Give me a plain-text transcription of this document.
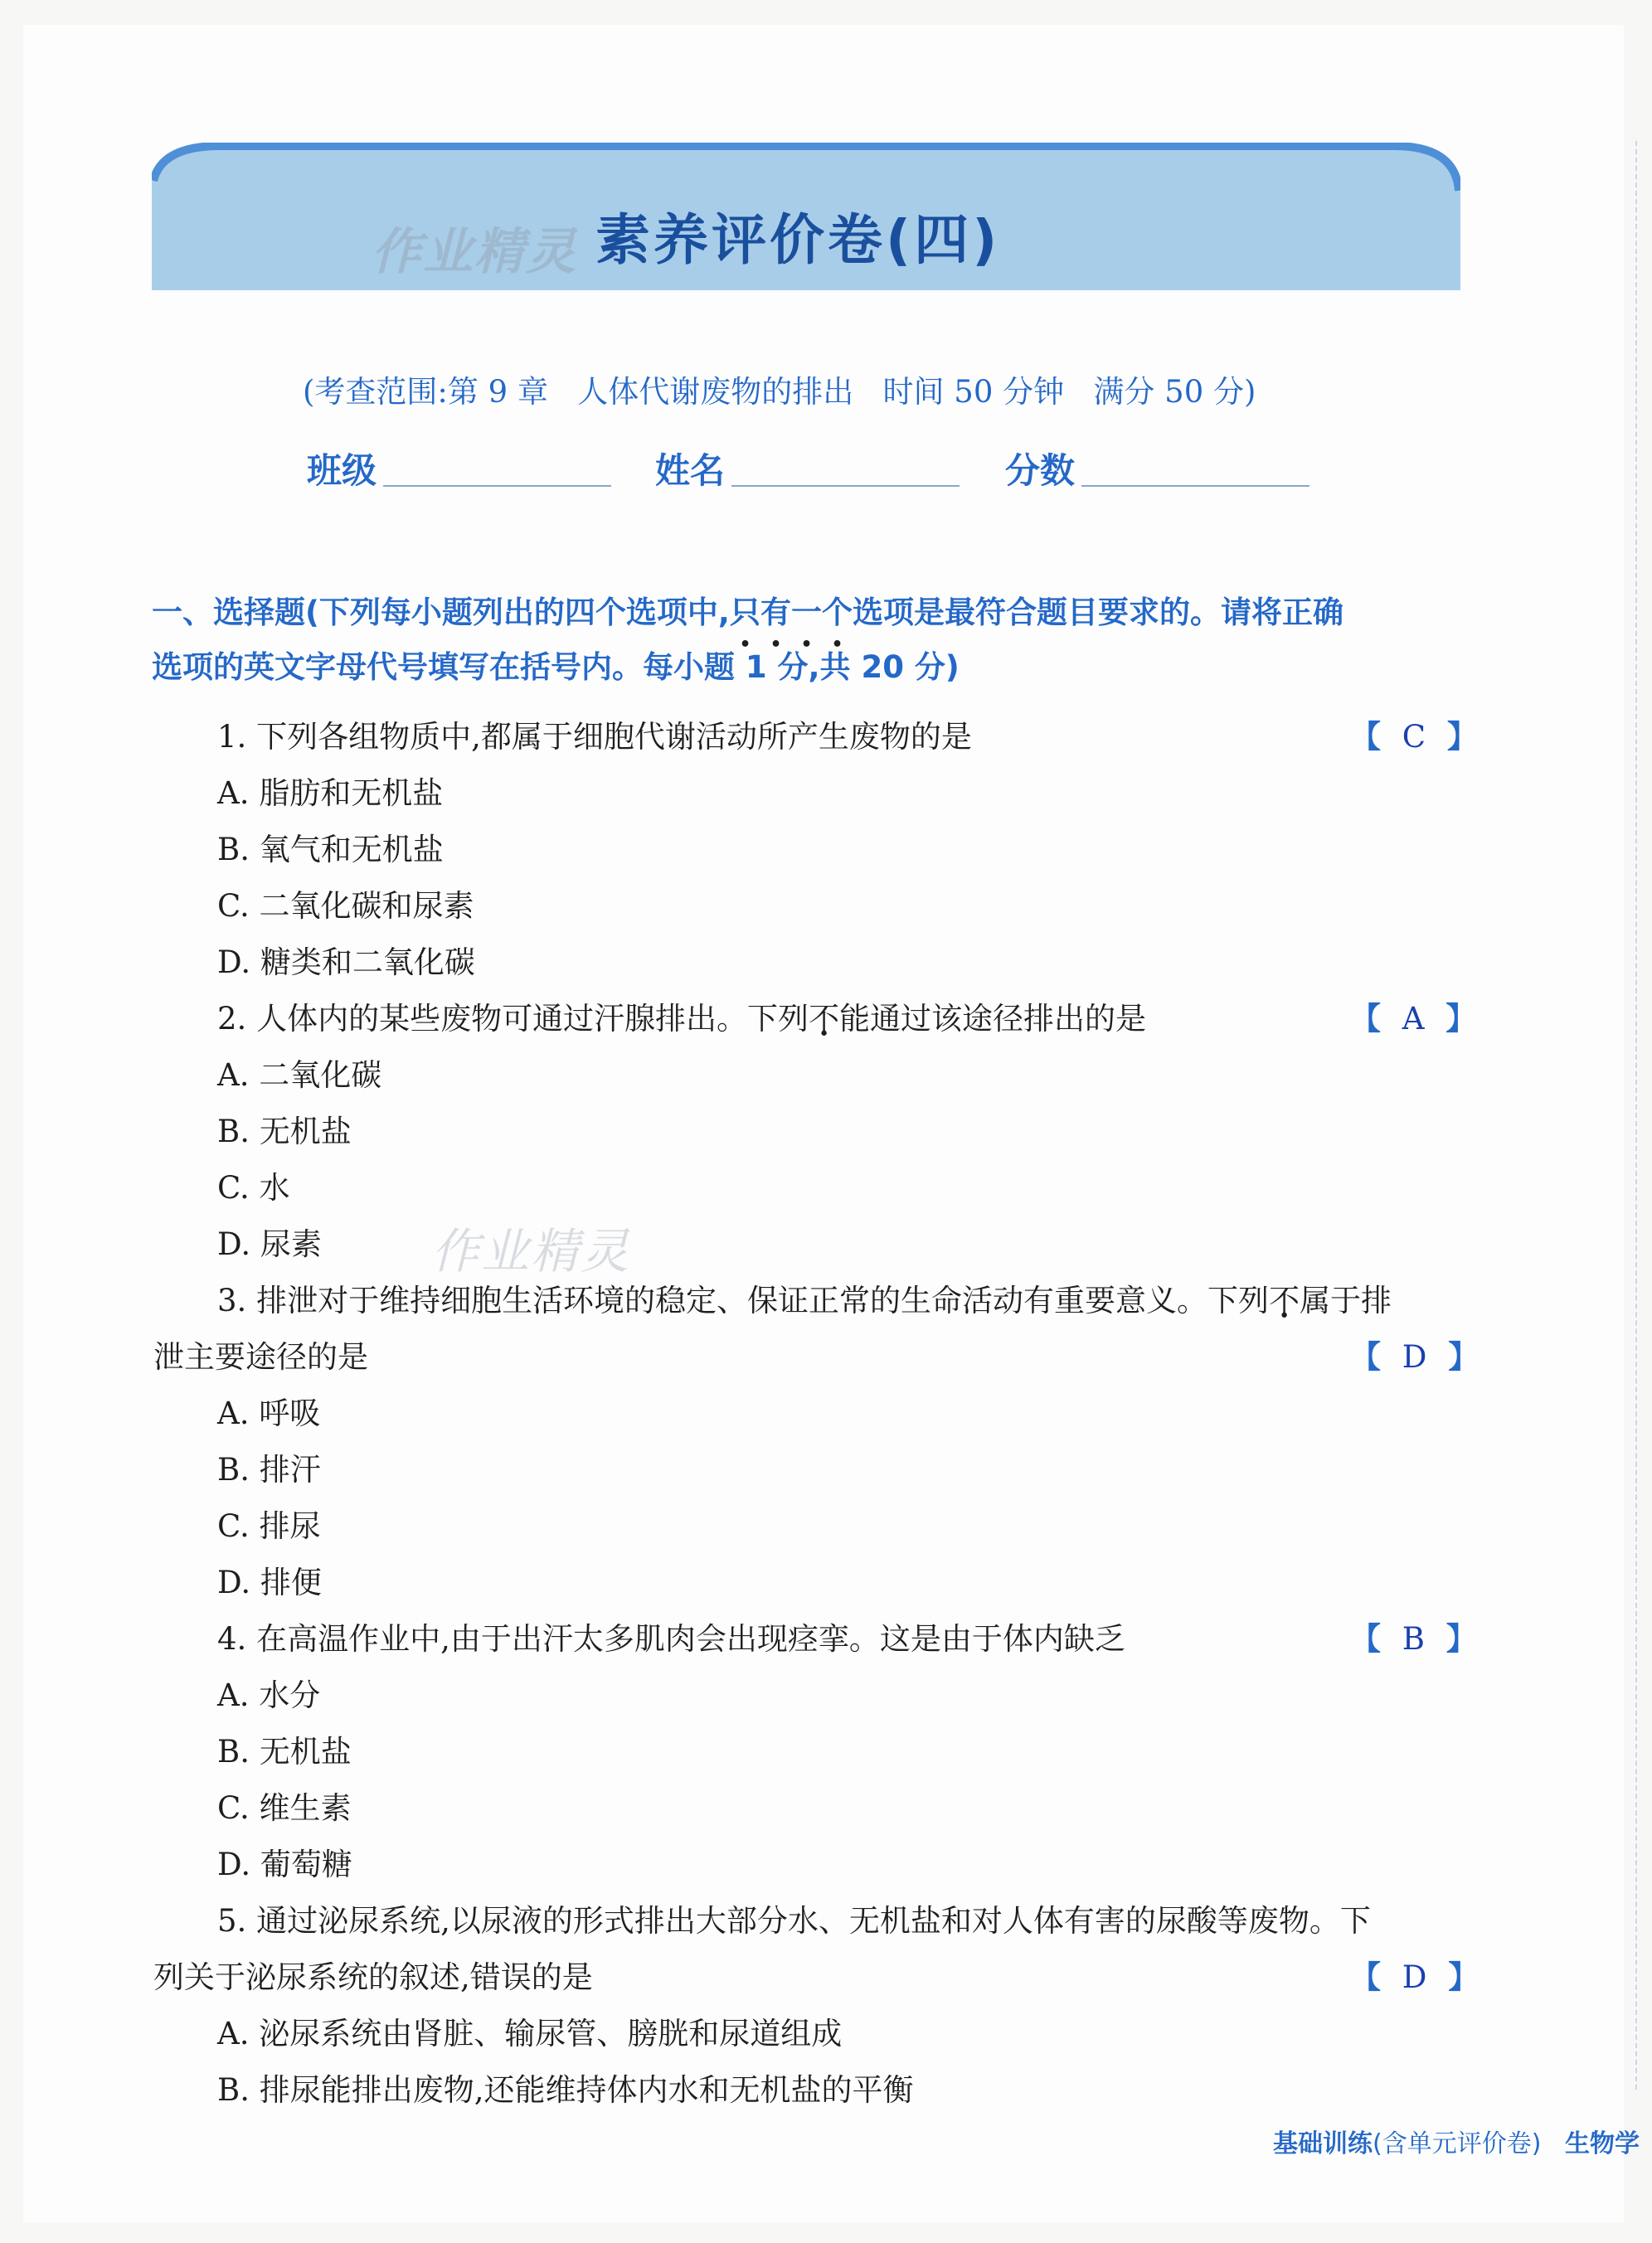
作业精灵 素养评价卷(四)
(考查范围:第 9 章   人体代谢废物的排出   时间 50 分钟   满分 50 分)
班级	姓名	分数
一、选择题(下列每小题列出的四个选项中,只有一个选项是最符合题目要求的。请将正确
选项的英文字母代号填写在括号内。每小题 1 分,共 20 分)
1. 下列各组物质中,都属于细胞代谢活动所产生废物的是	【  C  】
A. 脂肪和无机盐
B. 氧气和无机盐
C. 二氧化碳和尿素
D. 糖类和二氧化碳
2. 人体内的某些废物可通过汗腺排出。下列不能通过该途径排出的是	【  A  】
A. 二氧化碳
B. 无机盐
C. 水
D. 尿素 作业精灵
3. 排泄对于维持细胞生活环境的稳定、保证正常的生命活动有重要意义。下列不属于排
泄主要途径的是	【  D  】
A. 呼吸
B. 排汗
C. 排尿
D. 排便
4. 在高温作业中,由于出汗太多肌肉会出现痉挛。这是由于体内缺乏	【  B  】
A. 水分
B. 无机盐
C. 维生素
D. 葡萄糖
5. 通过泌尿系统,以尿液的形式排出大部分水、无机盐和对人体有害的尿酸等废物。下
列关于泌尿系统的叙述,错误的是	【  D  】
A. 泌尿系统由肾脏、输尿管、膀胱和尿道组成
B. 排尿能排出废物,还能维持体内水和无机盐的平衡
基础训练(含单元评价卷) 生物学
